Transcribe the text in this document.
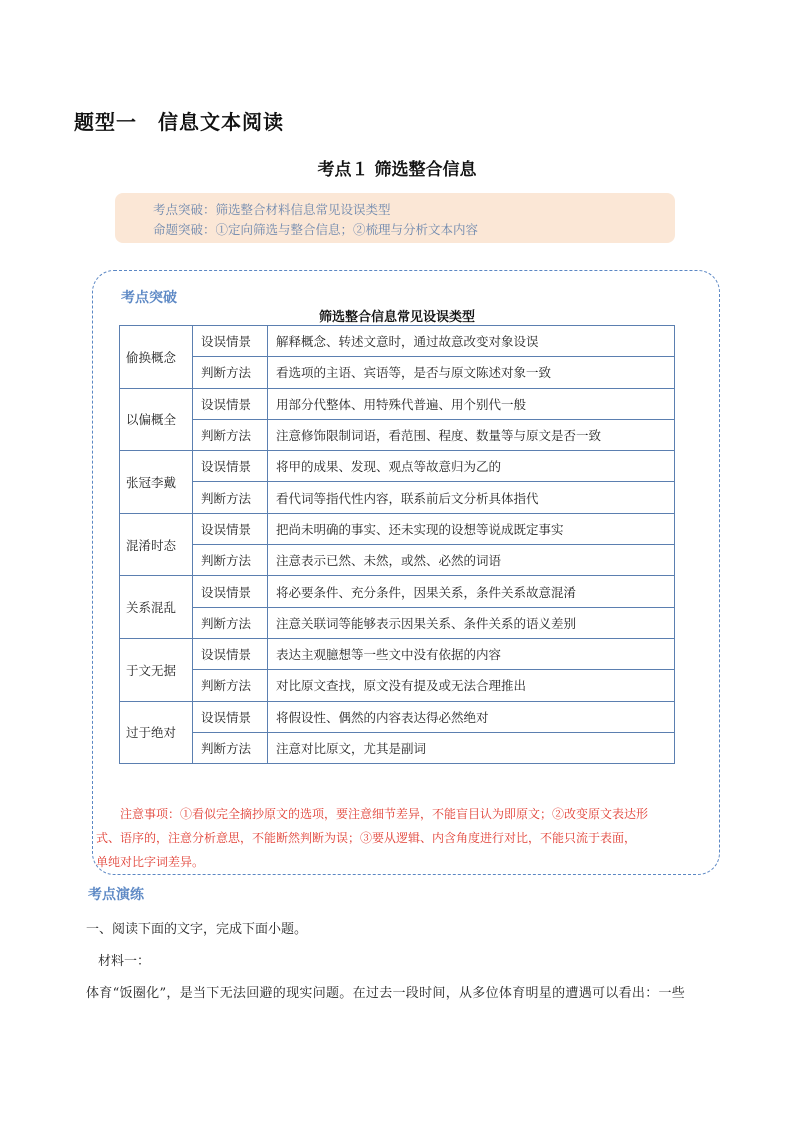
题型一　信息文本阅读
考点１ 筛选整合信息
考点突破：筛选整合材料信息常见设误类型
命题突破：①定向筛选与整合信息；②梳理与分析文本内容
考点突破
筛选整合信息常见设误类型
偷换概念	设误情景	解释概念、转述文意时，通过故意改变对象设误
	判断方法	看选项的主语、宾语等，是否与原文陈述对象一致
以偏概全	设误情景	用部分代整体、用特殊代普遍、用个别代一般
	判断方法	注意修饰限制词语，看范围、程度、数量等与原文是否一致
张冠李戴	设误情景	将甲的成果、发现、观点等故意归为乙的
	判断方法	看代词等指代性内容，联系前后文分析具体指代
混淆时态	设误情景	把尚未明确的事实、还未实现的设想等说成既定事实
	判断方法	注意表示已然、未然，或然、必然的词语
关系混乱	设误情景	将必要条件、充分条件，因果关系，条件关系故意混淆
	判断方法	注意关联词等能够表示因果关系、条件关系的语义差别
于文无据	设误情景	表达主观臆想等一些文中没有依据的内容
	判断方法	对比原文查找，原文没有提及或无法合理推出
过于绝对	设误情景	将假设性、偶然的内容表达得必然绝对
	判断方法	注意对比原文，尤其是副词
注意事项：①看似完全摘抄原文的选项，要注意细节差异，不能盲目认为即原文；②改变原文表达形
式、语序的，注意分析意思，不能断然判断为误；③要从逻辑、内含角度进行对比，不能只流于表面，
单纯对比字词差异。
考点演练
一、阅读下面的文字，完成下面小题。
材料一：
体育“饭圈化”，是当下无法回避的现实问题。在过去一段时间，从多位体育明星的遭遇可以看出：一些
